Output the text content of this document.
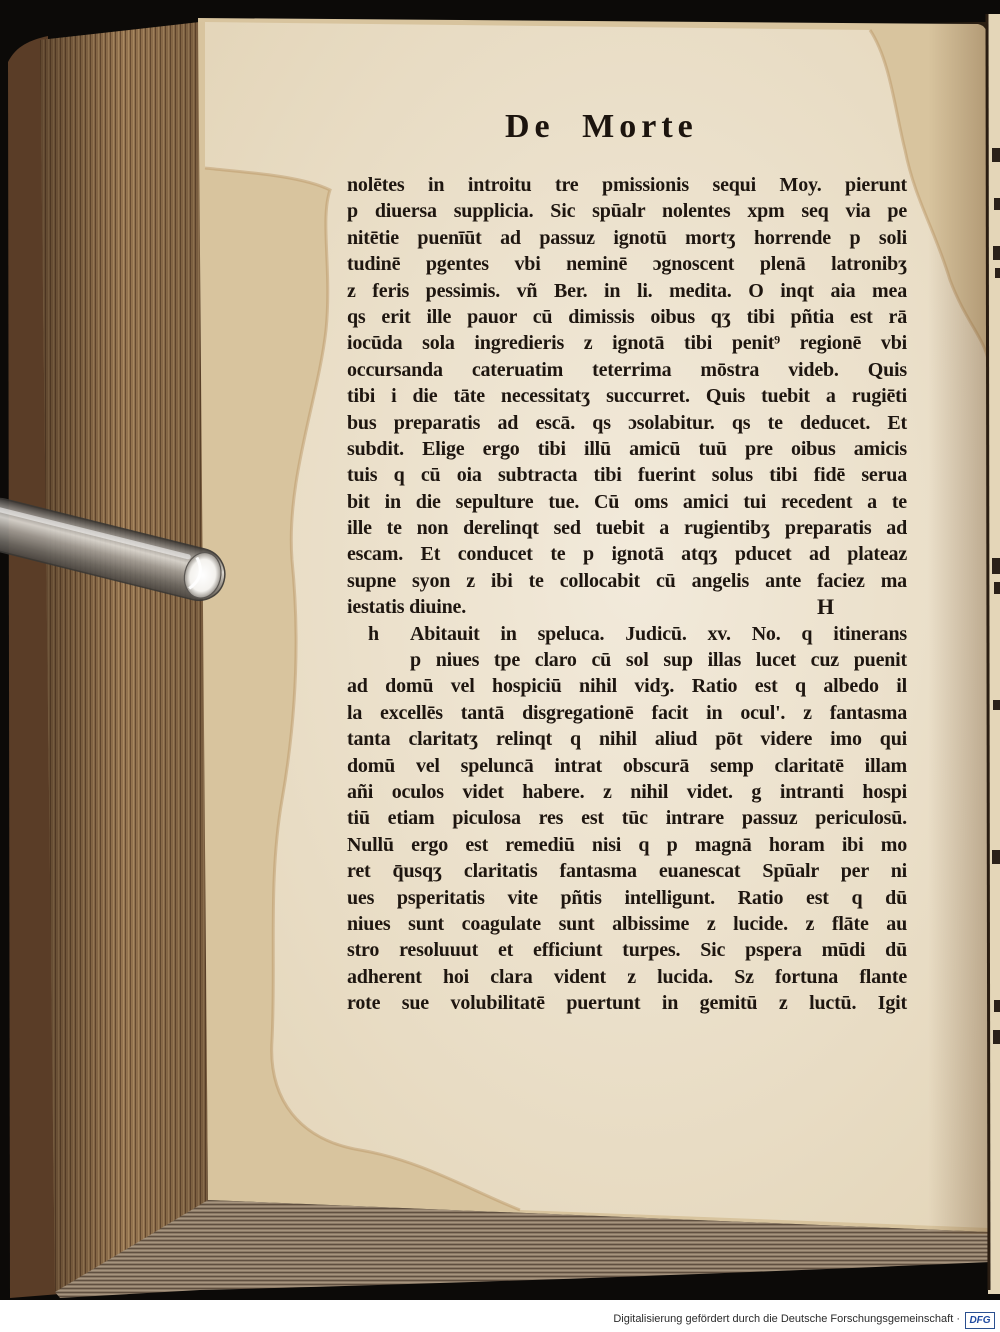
De Morte
nolētes in introitu tre pmissionis sequi Moy. pierunt
p diuersa supplicia. Sic spūalr nolentes xpm seq via pe
nitētie puenīūt ad passuz ignotū mortʒ horrende p soli
tudinē pgentes vbi neminē ɔgnoscent plenā latronibʒ
z feris pessimis. vñ Ber. in li. medita. O inqt aia mea
qs erit ille pauor cū dimissis oibus qʒ tibi pñtia est rā
iocūda sola ingredieris z ignotā tibi penit⁹ regionē vbi
occursanda cateruatim teterrima mōstra videb. Quis
tibi i die tāte necessitatʒ succurret. Quis tuebit a rugiēti
bus preparatis ad escā. qs ɔsolabitur. qs te deducet. Et
subdit. Elige ergo tibi illū amicū tuū pre oibus amicis
tuis q cū oia subtracta tibi fuerint solus tibi fidē serua
bit in die sepulture tue. Cū oms amici tui recedent a te
ille te non derelinqt sed tuebit a rugientibʒ preparatis ad
escam. Et conducet te p ignotā atqʒ pducet ad plateaz
supne syon z ibi te collocabit cū angelis ante faciez ma
iestatis diuine.	H
h Abitauit in speluca. Judicū. xv. No. q itinerans
p niues tpe claro cū sol sup illas lucet cuz puenit
ad domū vel hospiciū nihil vidʒ. Ratio est q albedo il
la excellēs tantā disgregationē facit in ocul'. z fantasma
tanta claritatʒ relinqt q nihil aliud pōt videre imo qui
domū vel speluncā intrat obscurā semp claritatē illam
añi oculos videt habere. z nihil videt. g intranti hospi
tiū etiam piculosa res est tūc intrare passuz periculosū.
Nullū ergo est remediū nisi q p magnā horam ibi mo
ret q̄usqʒ claritatis fantasma euanescat Spūalr per ni
ues psperitatis vite pñtis intelligunt. Ratio est q dū
niues sunt coagulate sunt albissime z lucide. z flāte au
stro resoluuut et efficiunt turpes. Sic pspera mūdi dū
adherent hoi clara vident z lucida. Sz fortuna flante
rote sue volubilitatē puertunt in gemitū z luctū. Igit
Digitalisierung gefördert durch die Deutsche Forschungsgemeinschaft · DFG
